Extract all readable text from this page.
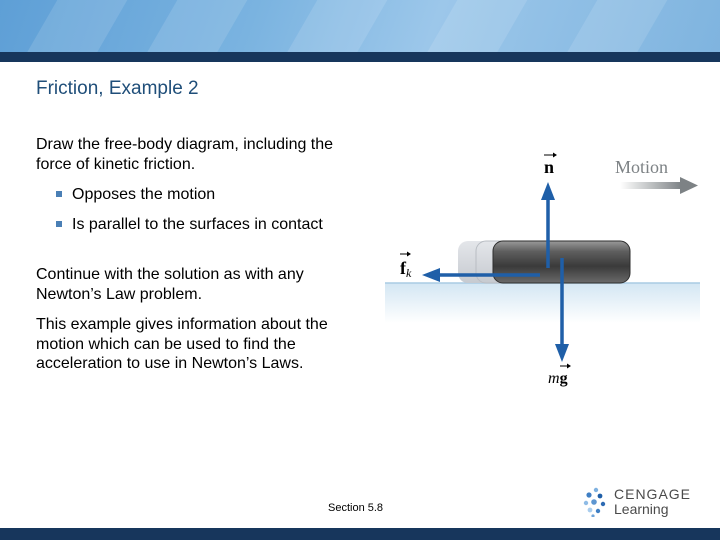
Friction, Example 2
Draw the free-body diagram, including the force of kinetic friction.
Opposes the motion
Is parallel to the surfaces in contact
Continue with the solution as with any Newton’s Law problem.
This example gives information about the motion which can be used to find the acceleration to use in Newton’s Laws.
Motion
n
fk
mg
Section 5.8
CENGAGE
Learning
